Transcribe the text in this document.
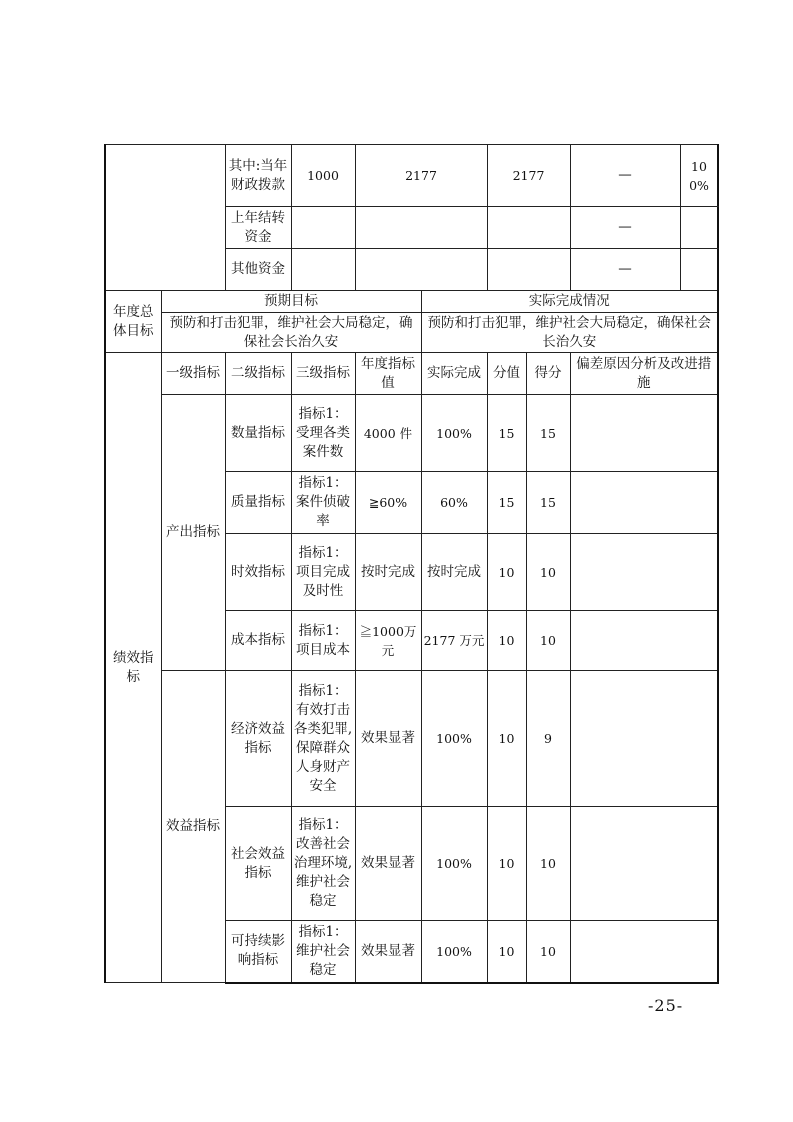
		其中:当年财政拨款	1000	2177		2177		—	100%	
		上年结转资金						—		
		其他资金						—		
年度总体目标	预期目标				实际完成情况					
	预防和打击犯罪，维护社会大局稳定，确保社会长治久安				预防和打击犯罪，维护社会大局稳定，确保社会长治久安					
绩效指标	一级指标	二级指标	三级指标	年度指标值	实际完成	分值	得分	偏差原因分析及改进措施		
	产出指标	数量指标	指标1：受理各类案件数	4000 件	100%	15	15			
		质量指标	指标1：案件侦破率	≧60%	60%	15	15			
		时效指标	指标1：项目完成及时性	按时完成	按时完成	10	10			
		成本指标	指标1：项目成本	≧1000万元	2177 万元	10	10			
	效益指标	经济效益指标	指标1：有效打击各类犯罪,保障群众人身财产安全	效果显著	100%	10	9			
		社会效益指标	指标1：改善社会治理环境,维护社会稳定	效果显著	100%	10	10			
		可持续影响指标	指标1：维护社会稳定	效果显著	100%	10	10			
-25-
